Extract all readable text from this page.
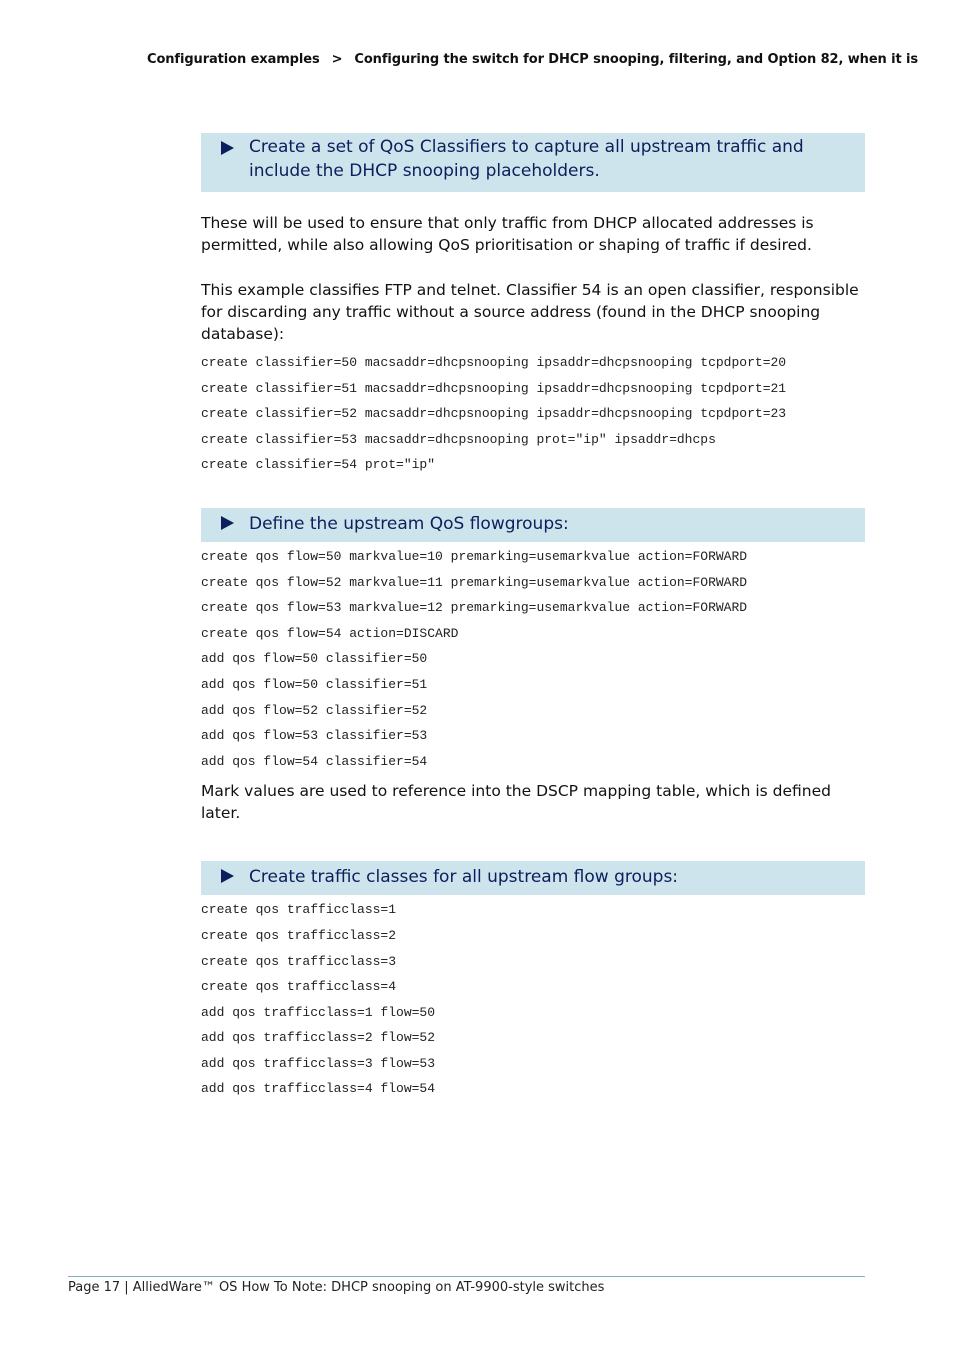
Configuration examples > Configuring the switch for DHCP snooping, filtering, and Option 82, when it is
Create a set of QoS Classifiers to capture all upstream traffic and include the DHCP snooping placeholders.

These will be used to ensure that only traffic from DHCP allocated addresses is permitted, while also allowing QoS prioritisation or shaping of traffic if desired.

This example classifies FTP and telnet. Classifier 54 is an open classifier, responsible for discarding any traffic without a source address (found in the DHCP snooping database):

create classifier=50 macsaddr=dhcpsnooping ipsaddr=dhcpsnooping tcpdport=20
create classifier=51 macsaddr=dhcpsnooping ipsaddr=dhcpsnooping tcpdport=21
create classifier=52 macsaddr=dhcpsnooping ipsaddr=dhcpsnooping tcpdport=23
create classifier=53 macsaddr=dhcpsnooping prot="ip" ipsaddr=dhcps
create classifier=54 prot="ip"
Define the upstream QoS flowgroups:
create qos flow=50 markvalue=10 premarking=usemarkvalue action=FORWARD
create qos flow=52 markvalue=11 premarking=usemarkvalue action=FORWARD
create qos flow=53 markvalue=12 premarking=usemarkvalue action=FORWARD
create qos flow=54 action=DISCARD
add qos flow=50 classifier=50
add qos flow=50 classifier=51
add qos flow=52 classifier=52
add qos flow=53 classifier=53
add qos flow=54 classifier=54

Mark values are used to reference into the DSCP mapping table, which is defined later.

Create traffic classes for all upstream flow groups:
create qos trafficclass=1
create qos trafficclass=2
create qos trafficclass=3
create qos trafficclass=4
add qos trafficclass=1 flow=50
add qos trafficclass=2 flow=52
add qos trafficclass=3 flow=53
add qos trafficclass=4 flow=54
Page 17 | AlliedWare™ OS How To Note: DHCP snooping on AT-9900-style switches
